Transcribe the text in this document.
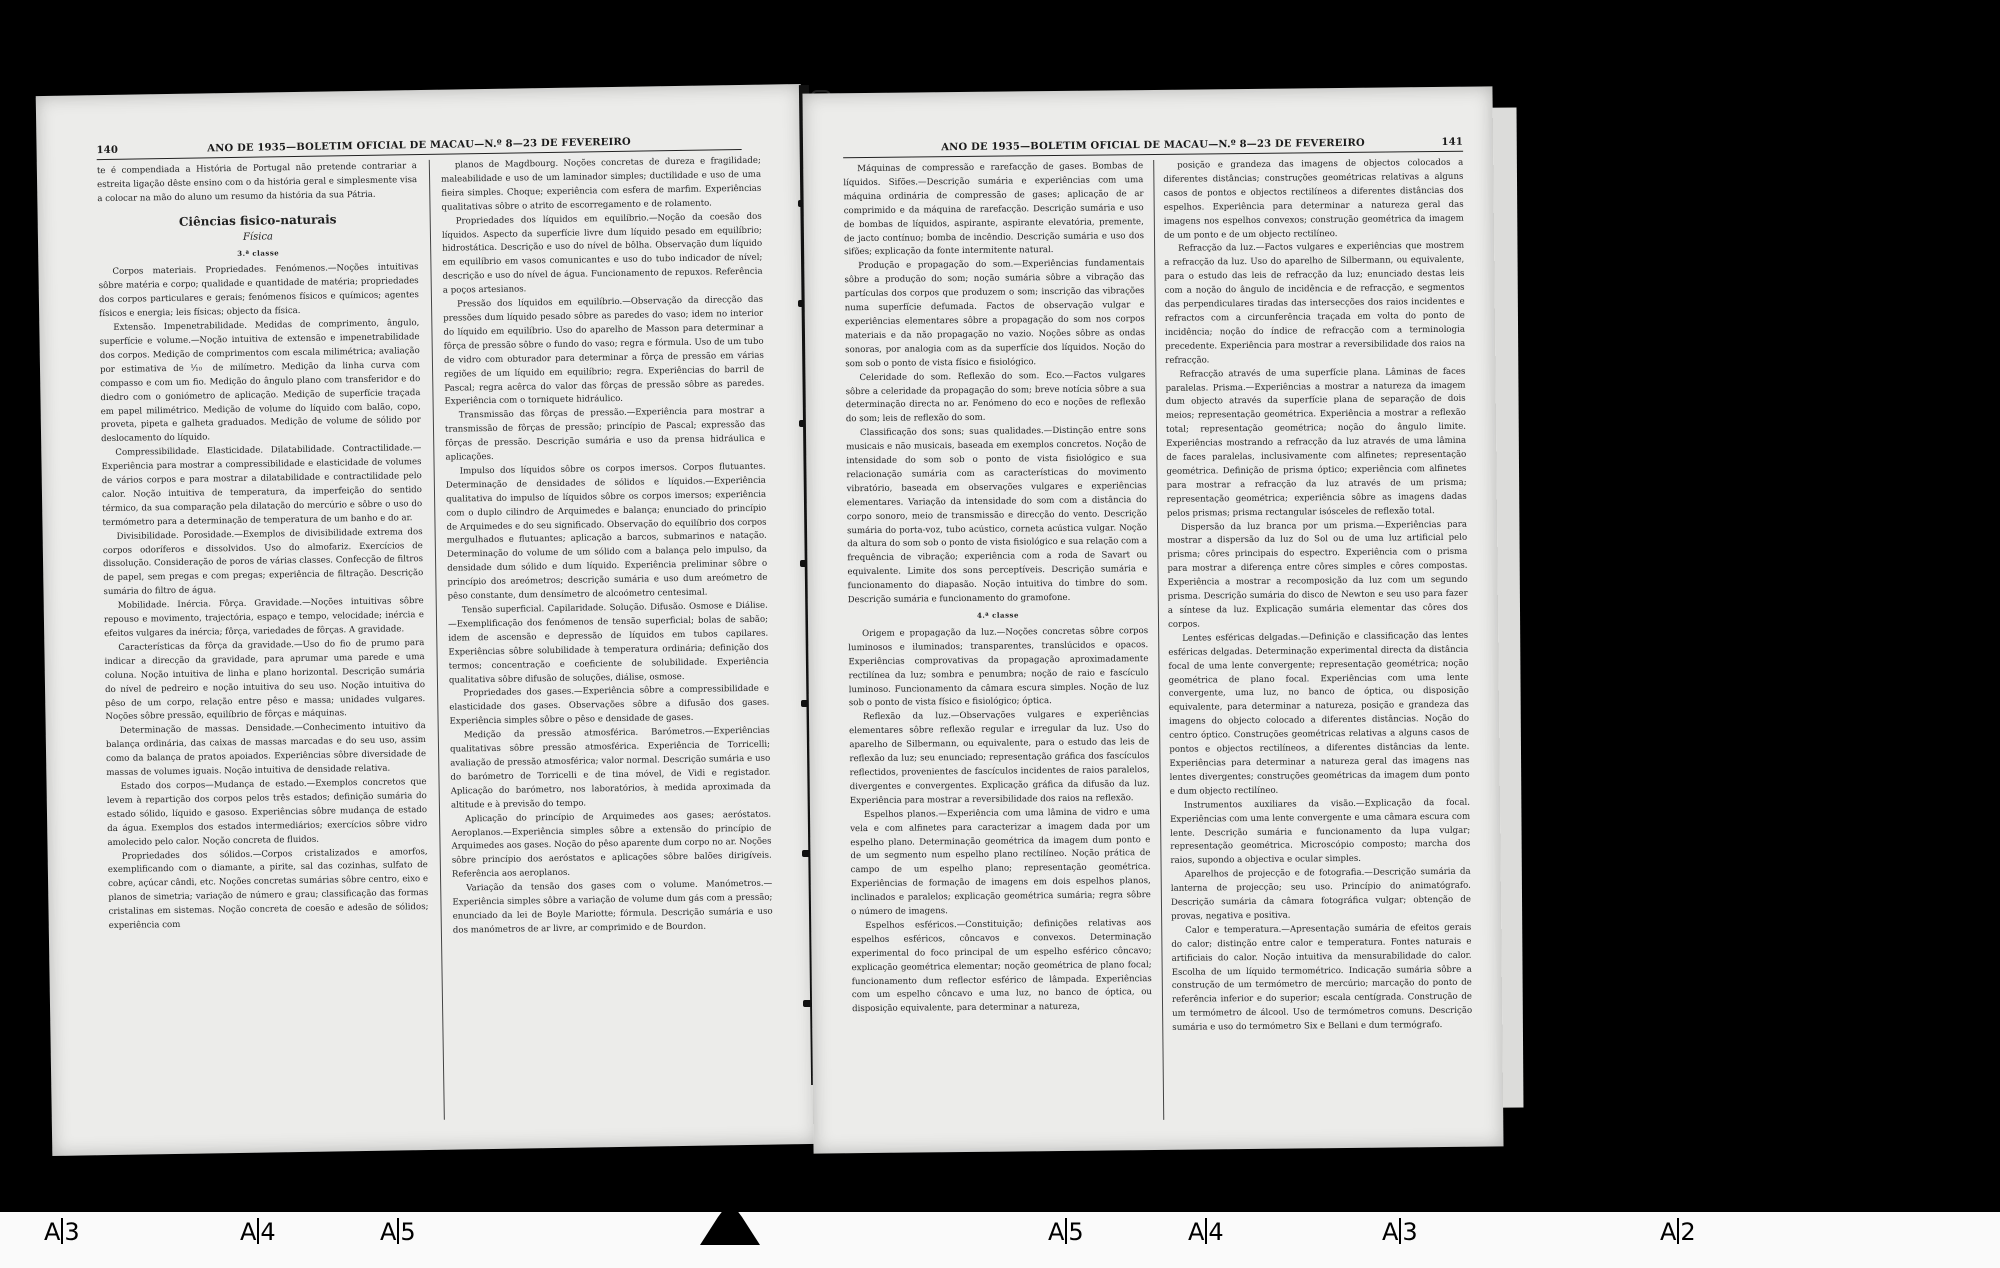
140	ANO DE 1935—BOLETIM OFICIAL DE MACAU—N.º 8—23 DE FEVEREIRO

te é compendiada a História de Portugal não pretende contrariar a estreita ligação dêste ensino com o da história geral e simplesmente visa a colocar na mão do aluno um resumo da história da sua Pátria.

Ciências fisico-naturais
Física
3.ª classe

Corpos materiais. Propriedades. Fenómenos.—Noções intuitivas sôbre matéria e corpo; qualidade e quantidade de matéria; propriedades dos corpos particulares e gerais; fenómenos físicos e químicos; agentes físicos e energia; leis físicas; objecto da física.

Extensão. Impenetrabilidade. Medidas de comprimento, ângulo, superfície e volume.—Noção intuitiva de extensão e impenetrabilidade dos corpos. Medição de comprimentos com escala milimétrica; avaliação por estimativa de ⅒ de milímetro. Medição da linha curva com compasso e com um fio. Medição do ângulo plano com transferidor e do diedro com o goniómetro de aplicação. Medição de superfície traçada em papel milimétrico. Medição de volume do líquido com balão, copo, proveta, pipeta e galheta graduados. Medição de volume de sólido por deslocamento do líquido.

Compressibilidade. Elasticidade. Dilatabilidade. Contractilidade.—Experiência para mostrar a compressibilidade e elasticidade de volumes de vários corpos e para mostrar a dilatabilidade e contractilidade pelo calor. Noção intuitiva de temperatura, da imperfeição do sentido térmico, da sua comparação pela dilatação do mercúrio e sôbre o uso do termómetro para a determinação de temperatura de um banho e do ar.

Divisibilidade. Porosidade.—Exemplos de divisibilidade extrema dos corpos odoríferos e dissolvidos. Uso do almofariz. Exercícios de dissolução. Consideração de poros de várias classes. Confecção de filtros de papel, sem pregas e com pregas; experiência de filtração. Descrição sumária do filtro de água.

Mobilidade. Inércia. Fôrça. Gravidade.—Noções intuitivas sôbre repouso e movimento, trajectória, espaço e tempo, velocidade; inércia e efeitos vulgares da inércia; fôrça, variedades de fôrças. A gravidade.

Características da fôrça da gravidade.—Uso do fio de prumo para indicar a direcção da gravidade, para aprumar uma parede e uma coluna. Noção intuitiva de linha e plano horizontal. Descrição sumária do nível de pedreiro e noção intuitiva do seu uso. Noção intuitiva do pêso de um corpo, relação entre pêso e massa; unidades vulgares. Noções sôbre pressão, equilíbrio de fôrças e máquinas.

Determinação de massas. Densidade.—Conhecimento intuitivo da balança ordinária, das caixas de massas marcadas e do seu uso, assim como da balança de pratos apoiados. Experiências sôbre diversidade de massas de volumes iguais. Noção intuitiva de densidade relativa.

Estado dos corpos—Mudança de estado.—Exemplos concretos que levem à repartição dos corpos pelos três estados; definição sumária do estado sólido, líquido e gasoso. Experiências sôbre mudança de estado da água. Exemplos dos estados intermediários; exercícios sôbre vidro amolecido pelo calor. Noção concreta de fluidos.

Propriedades dos sólidos.—Corpos cristalizados e amorfos, exemplificando com o diamante, a pirite, sal das cozinhas, sulfato de cobre, açúcar cândi, etc. Noções concretas sumárias sôbre centro, eixo e planos de simetria; variação de número e grau; classificação das formas cristalinas em sistemas. Noção concreta de coesão e adesão de sólidos; experiência com

planos de Magdbourg. Noções concretas de dureza e fragilidade; maleabilidade e uso de um laminador simples; ductilidade e uso de uma fieira simples. Choque; experiência com esfera de marfim. Experiências qualitativas sôbre o atrito de escorregamento e de rolamento.

Propriedades dos líquidos em equilíbrio.—Noção da coesão dos líquidos. Aspecto da superfície livre dum líquido pesado em equilíbrio; hidrostática. Descrição e uso do nível de bôlha. Observação dum líquido em equilíbrio em vasos comunicantes e uso do tubo indicador de nível; descrição e uso do nível de água. Funcionamento de repuxos. Referência a poços artesianos.

Pressão dos líquidos em equilíbrio.—Observação da direcção das pressões dum líquido pesado sôbre as paredes do vaso; idem no interior do líquido em equilíbrio. Uso do aparelho de Masson para determinar a fôrça de pressão sôbre o fundo do vaso; regra e fórmula. Uso de um tubo de vidro com obturador para determinar a fôrça de pressão em várias regiões de um líquido em equilíbrio; regra. Experiências do barril de Pascal; regra acêrca do valor das fôrças de pressão sôbre as paredes. Experiência com o torniquete hidráulico.

Transmissão das fôrças de pressão.—Experiência para mostrar a transmissão de fôrças de pressão; princípio de Pascal; expressão das fôrças de pressão. Descrição sumária e uso da prensa hidráulica e aplicações.

Impulso dos líquidos sôbre os corpos imersos. Corpos flutuantes. Determinação de densidades de sólidos e líquidos.—Experiência qualitativa do impulso de líquidos sôbre os corpos imersos; experiência com o duplo cilindro de Arquimedes e balança; enunciado do princípio de Arquimedes e do seu significado. Observação do equilíbrio dos corpos mergulhados e flutuantes; aplicação a barcos, submarinos e natação. Determinação do volume de um sólido com a balança pelo impulso, da densidade dum sólido e dum líquido. Experiência preliminar sôbre o princípio dos areómetros; descrição sumária e uso dum areómetro de pêso constante, dum densímetro de alcoómetro centesimal.

Tensão superficial. Capilaridade. Solução. Difusão. Osmose e Diálise.—Exemplificação dos fenómenos de tensão superficial; bolas de sabão; idem de ascensão e depressão de líquidos em tubos capilares. Experiências sôbre solubilidade à temperatura ordinária; definição dos termos; concentração e coeficiente de solubilidade. Experiência qualitativa sôbre difusão de soluções, diálise, osmose.

Propriedades dos gases.—Experiência sôbre a compressibilidade e elasticidade dos gases. Observações sôbre a difusão dos gases. Experiência simples sôbre o pêso e densidade de gases.

Medição da pressão atmosférica. Barómetros.—Experiências qualitativas sôbre pressão atmosférica. Experiência de Torricelli; avaliação de pressão atmosférica; valor normal. Descrição sumária e uso do barómetro de Torricelli e de tina móvel, de Vidi e registador. Aplicação do barómetro, nos laboratórios, à medida aproximada da altitude e à previsão do tempo.

Aplicação do princípio de Arquimedes aos gases; aeróstatos. Aeroplanos.—Experiência simples sôbre a extensão do princípio de Arquimedes aos gases. Noção do pêso aparente dum corpo no ar. Noções sôbre princípio dos aeróstatos e aplicações sôbre balões dirigíveis. Referência aos aeroplanos.

Variação da tensão dos gases com o volume. Manómetros.—Experiência simples sôbre a variação de volume dum gás com a pressão; enunciado da lei de Boyle Mariotte; fórmula. Descrição sumária e uso dos manómetros de ar livre, ar comprimido e de Bourdon.

ANO DE 1935—BOLETIM OFICIAL DE MACAU—N.º 8—23 DE FEVEREIRO	141

Máquinas de compressão e rarefacção de gases. Bombas de líquidos. Sifões.—Descrição sumária e experiências com uma máquina ordinária de compressão de gases; aplicação de ar comprimido e da máquina de rarefacção. Descrição sumária e uso de bombas de líquidos, aspirante, aspirante elevatória, premente, de jacto contínuo; bomba de incêndio. Descrição sumária e uso dos sifões; explicação da fonte intermitente natural.

Produção e propagação do som.—Experiências fundamentais sôbre a produção do som; noção sumária sôbre a vibração das partículas dos corpos que produzem o som; inscrição das vibrações numa superfície defumada. Factos de observação vulgar e experiências elementares sôbre a propagação do som nos corpos materiais e da não propagação no vazio. Noções sôbre as ondas sonoras, por analogia com as da superfície dos líquidos. Noção do som sob o ponto de vista físico e fisiológico.

Celeridade do som. Reflexão do som. Eco.—Factos vulgares sôbre a celeridade da propagação do som; breve notícia sôbre a sua determinação directa no ar. Fenómeno do eco e noções de reflexão do som; leis de reflexão do som.

Classificação dos sons; suas qualidades.—Distinção entre sons musicais e não musicais, baseada em exemplos concretos. Noção de intensidade do som sob o ponto de vista fisiológico e sua relacionação sumária com as características do movimento vibratório, baseada em observações vulgares e experiências elementares. Variação da intensidade do som com a distância do corpo sonoro, meio de transmissão e direcção do vento. Descrição sumária do porta-voz, tubo acústico, corneta acústica vulgar. Noção da altura do som sob o ponto de vista fisiológico e sua relação com a frequência de vibração; experiência com a roda de Savart ou equivalente. Limite dos sons perceptíveis. Descrição sumária e funcionamento do diapasão. Noção intuitiva do timbre do som. Descrição sumária e funcionamento do gramofone.

4.ª classe

Origem e propagação da luz.—Noções concretas sôbre corpos luminosos e iluminados; transparentes, translúcidos e opacos. Experiências comprovativas da propagação aproximadamente rectilínea da luz; sombra e penumbra; noção de raio e fascículo luminoso. Funcionamento da câmara escura simples. Noção de luz sob o ponto de vista físico e fisiológico; óptica.

Reflexão da luz.—Observações vulgares e experiências elementares sôbre reflexão regular e irregular da luz. Uso do aparelho de Silbermann, ou equivalente, para o estudo das leis de reflexão da luz; seu enunciado; representação gráfica dos fascículos reflectidos, provenientes de fascículos incidentes de raios paralelos, divergentes e convergentes. Explicação gráfica da difusão da luz. Experiência para mostrar a reversibilidade dos raios na reflexão.

Espelhos planos.—Experiência com uma lâmina de vidro e uma vela e com alfinetes para caracterizar a imagem dada por um espelho plano. Determinação geométrica da imagem dum ponto e de um segmento num espelho plano rectilíneo. Noção prática de campo de um espelho plano; representação geométrica. Experiências de formação de imagens em dois espelhos planos, inclinados e paralelos; explicação geométrica sumária; regra sôbre o número de imagens.

Espelhos esféricos.—Constituição; definições relativas aos espelhos esféricos, côncavos e convexos. Determinação experimental do foco principal de um espelho esférico côncavo; explicação geométrica elementar; noção geométrica de plano focal; funcionamento dum reflector esférico de lâmpada. Experiências com um espelho côncavo e uma luz, no banco de óptica, ou disposição equivalente, para determinar a natureza,

posição e grandeza das imagens de objectos colocados a diferentes distâncias; construções geométricas relativas a alguns casos de pontos e objectos rectilíneos a diferentes distâncias dos espelhos. Experiência para determinar a natureza geral das imagens nos espelhos convexos; construção geométrica da imagem de um ponto e de um objecto rectilíneo.

Refracção da luz.—Factos vulgares e experiências que mostrem a refracção da luz. Uso do aparelho de Silbermann, ou equivalente, para o estudo das leis de refracção da luz; enunciado destas leis com a noção do ângulo de incidência e de refracção, e segmentos das perpendiculares tiradas das intersecções dos raios incidentes e refractos com a circunferência traçada em volta do ponto de incidência; noção do índice de refracção com a terminologia precedente. Experiência para mostrar a reversibilidade dos raios na refracção.

Refracção através de uma superfície plana. Lâminas de faces paralelas. Prisma.—Experiências a mostrar a natureza da imagem dum objecto através da superfície plana de separação de dois meios; representação geométrica. Experiência a mostrar a reflexão total; representação geométrica; noção do ângulo limite. Experiências mostrando a refracção da luz através de uma lâmina de faces paralelas, inclusivamente com alfinetes; representação geométrica. Definição de prisma óptico; experiência com alfinetes para mostrar a refracção da luz através de um prisma; representação geométrica; experiência sôbre as imagens dadas pelos prismas; prisma rectangular isósceles de reflexão total.

Dispersão da luz branca por um prisma.—Experiências para mostrar a dispersão da luz do Sol ou de uma luz artificial pelo prisma; côres principais do espectro. Experiência com o prisma para mostrar a diferença entre côres simples e côres compostas. Experiência a mostrar a recomposição da luz com um segundo prisma. Descrição sumária do disco de Newton e seu uso para fazer a síntese da luz. Explicação sumária elementar das côres dos corpos.

Lentes esféricas delgadas.—Definição e classificação das lentes esféricas delgadas. Determinação experimental directa da distância focal de uma lente convergente; representação geométrica; noção geométrica de plano focal. Experiências com uma lente convergente, uma luz, no banco de óptica, ou disposição equivalente, para determinar a natureza, posição e grandeza das imagens do objecto colocado a diferentes distâncias. Noção do centro óptico. Construções geométricas relativas a alguns casos de pontos e objectos rectilíneos, a diferentes distâncias da lente. Experiências para determinar a natureza geral das imagens nas lentes divergentes; construções geométricas da imagem dum ponto e dum objecto rectilíneo.

Instrumentos auxiliares da visão.—Explicação da focal. Experiências com uma lente convergente e uma câmara escura com lente. Descrição sumária e funcionamento da lupa vulgar; representação geométrica. Microscópio composto; marcha dos raios, supondo a objectiva e ocular simples.

Aparelhos de projecção e de fotografia.—Descrição sumária da lanterna de projecção; seu uso. Princípio do animatógrafo. Descrição sumária da câmara fotográfica vulgar; obtenção de provas, negativa e positiva.

Calor e temperatura.—Apresentação sumária de efeitos gerais do calor; distinção entre calor e temperatura. Fontes naturais e artificiais do calor. Noção intuitiva da mensurabilidade do calor. Escolha de um líquido termométrico. Indicação sumária sôbre a construção de um termómetro de mercúrio; marcação do ponto de referência inferior e do superior; escala centígrada. Construção de um termómetro de álcool. Uso de termómetros comuns. Descrição sumária e uso do termómetro Six e Bellani e dum termógrafo.

A 3	A 4	A 5	A 5	A 4	A 3	A 2
